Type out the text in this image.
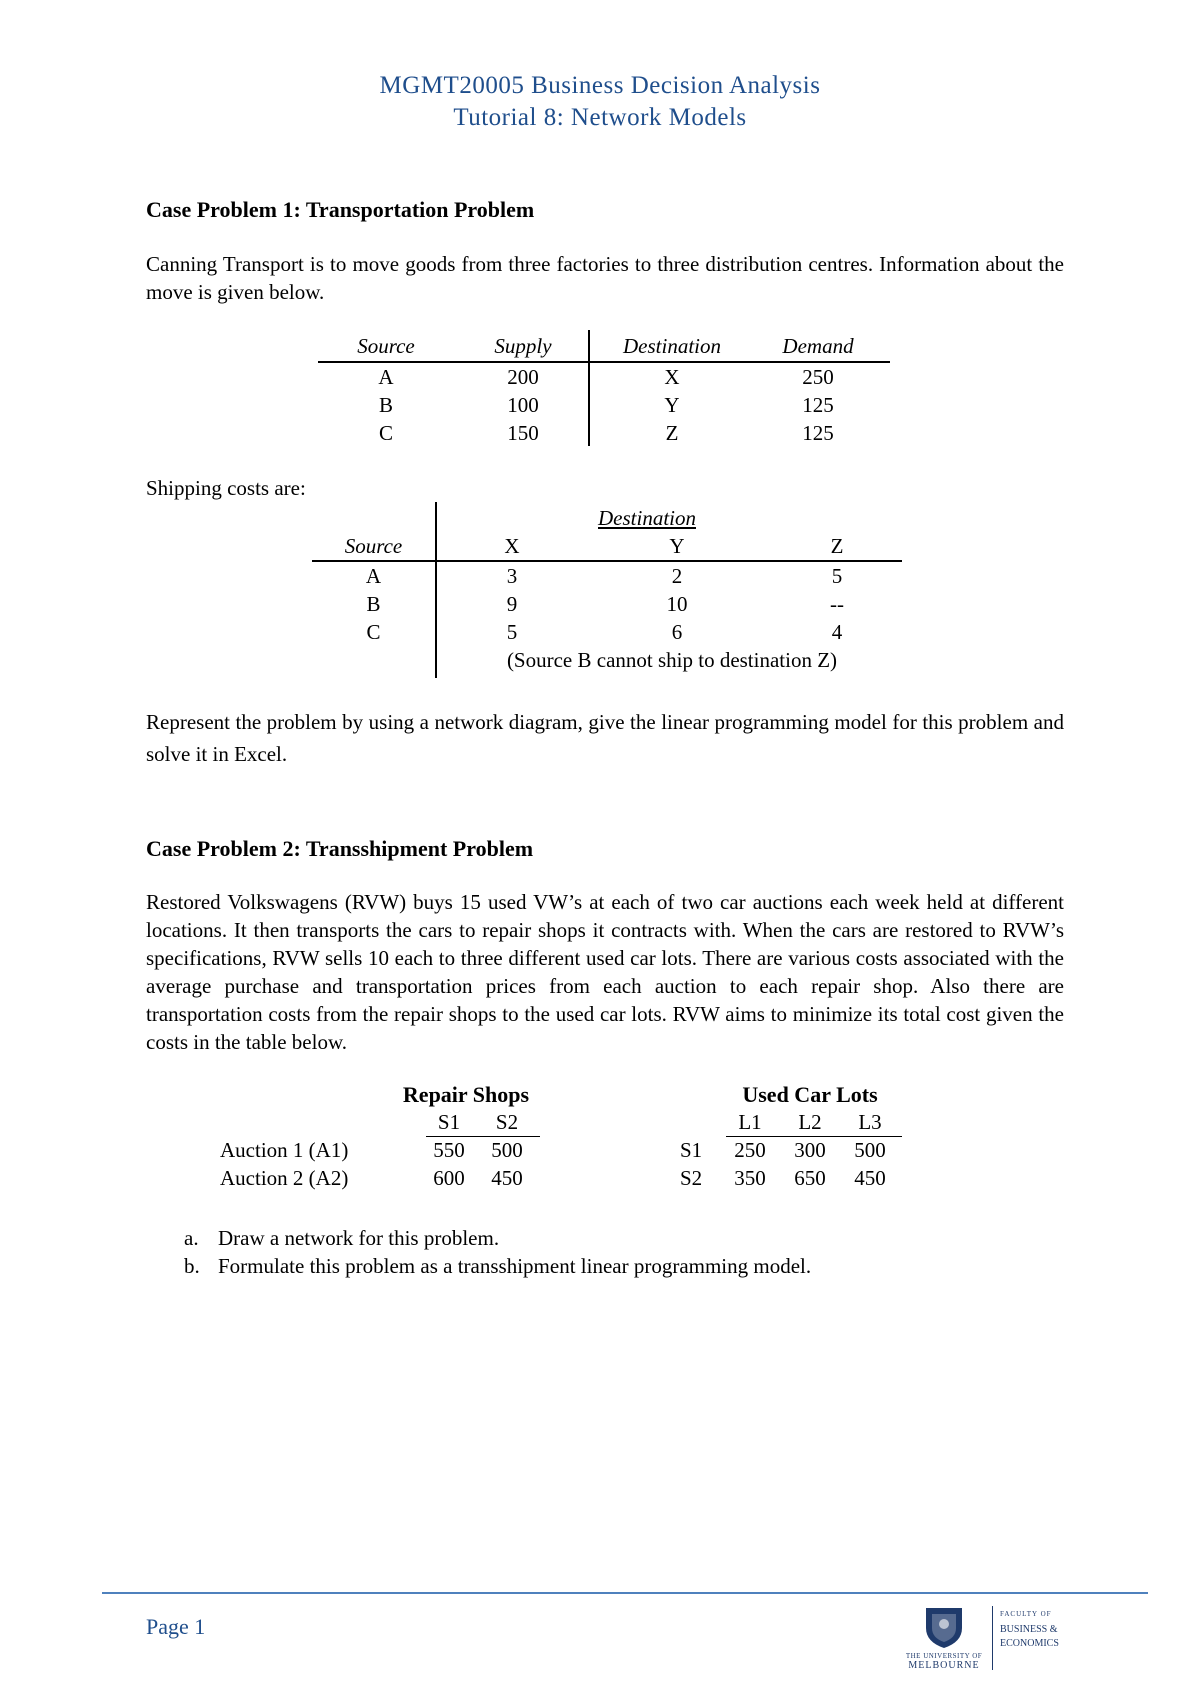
MGMT20005 Business Decision Analysis
Tutorial 8: Network Models
Case Problem 1: Transportation Problem

Canning Transport is to move goods from three factories to three distribution centres. Information about the move is given below.

Source	Supply	Destination	Demand
A	200	X	250
B	100	Y	125
C	150	Z	125
Shipping costs are:
Destination
Source	X	Y	Z
A	3	2	5
B	9	10	--
C	5	6	4
(Source B cannot ship to destination Z)

Represent the problem by using a network diagram, give the linear programming model for this problem and solve it in Excel.

Case Problem 2: Transshipment Problem

Restored Volkswagens (RVW) buys 15 used VW’s at each of two car auctions each week held at different locations. It then transports the cars to repair shops it contracts with. When the cars are restored to RVW’s specifications, RVW sells 10 each to three different used car lots. There are various costs associated with the average purchase and transportation prices from each auction to each repair shop. Also there are transportation costs from the repair shops to the used car lots. RVW aims to minimize its total cost given the costs in the table below.

Repair Shops
S1	S2
Auction 1 (A1)	550	500
Auction 2 (A2)	600	450
Used Car Lots
L1	L2	L3
S1	250	300	500
S2	350	650	450
a. Draw a network for this problem.
b. Formulate this problem as a transshipment linear programming model.
Page 1
THE UNIVERSITY OF
MELBOURNE
FACULTY OF
BUSINESS &
ECONOMICS
